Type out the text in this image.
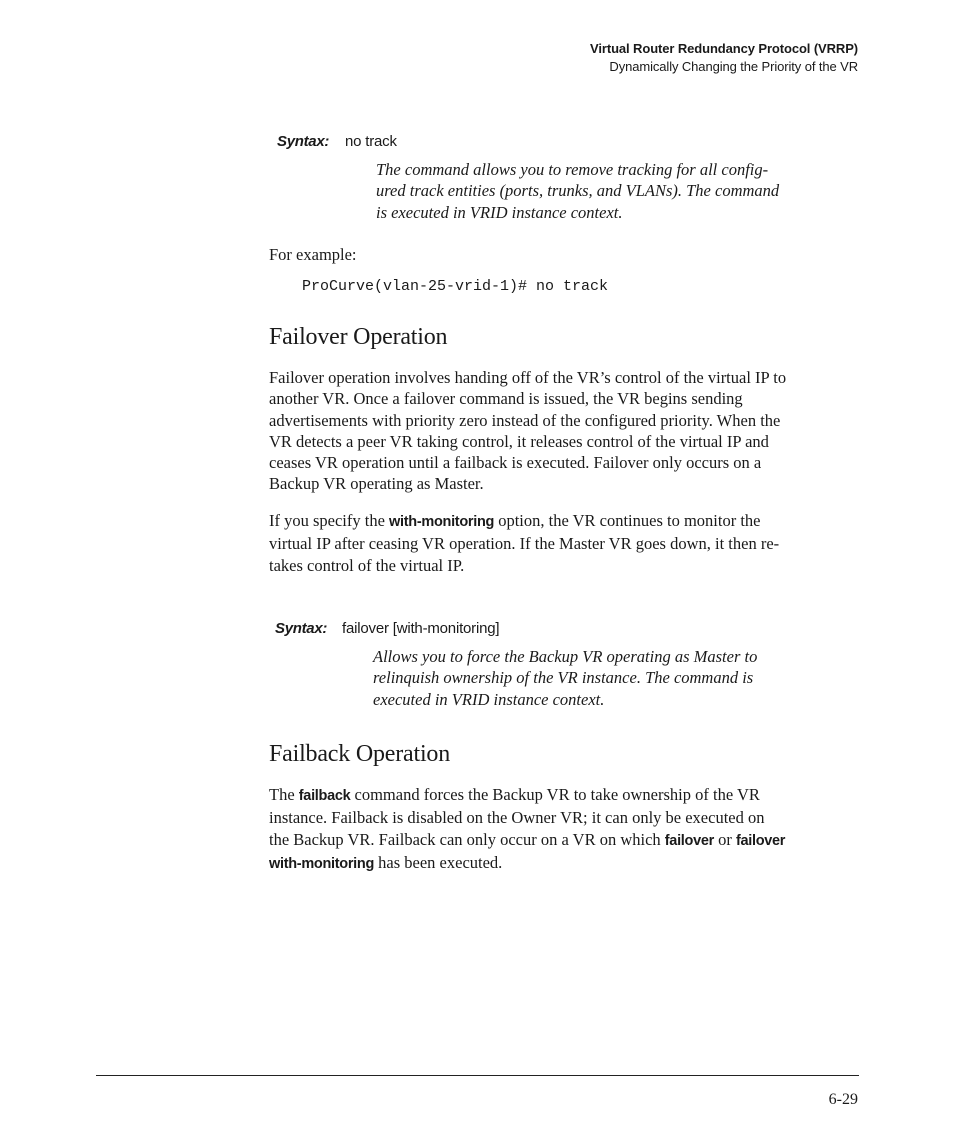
Virtual Router Redundancy Protocol (VRRP)
Dynamically Changing the Priority of the VR
Syntax: no track
The command allows you to remove tracking for all config-
ured track entities (ports, trunks, and VLANs). The command
is executed in VRID instance context.
For example:
ProCurve(vlan-25-vrid-1)# no track
Failover Operation
Failover operation involves handing off of the VR’s control of the virtual IP to
another VR. Once a failover command is issued, the VR begins sending
advertisements with priority zero instead of the configured priority. When the
VR detects a peer VR taking control, it releases control of the virtual IP and
ceases VR operation until a failback is executed. Failover only occurs on a
Backup VR operating as Master.
If you specify the with-monitoring option, the VR continues to monitor the
virtual IP after ceasing VR operation. If the Master VR goes down, it then re-
takes control of the virtual IP.
Syntax: failover [with-monitoring]
Allows you to force the Backup VR operating as Master to
relinquish ownership of the VR instance. The command is
executed in VRID instance context.
Failback Operation
The failback command forces the Backup VR to take ownership of the VR
instance. Failback is disabled on the Owner VR; it can only be executed on
the Backup VR. Failback can only occur on a VR on which failover or failover
with-monitoring has been executed.
6-29
